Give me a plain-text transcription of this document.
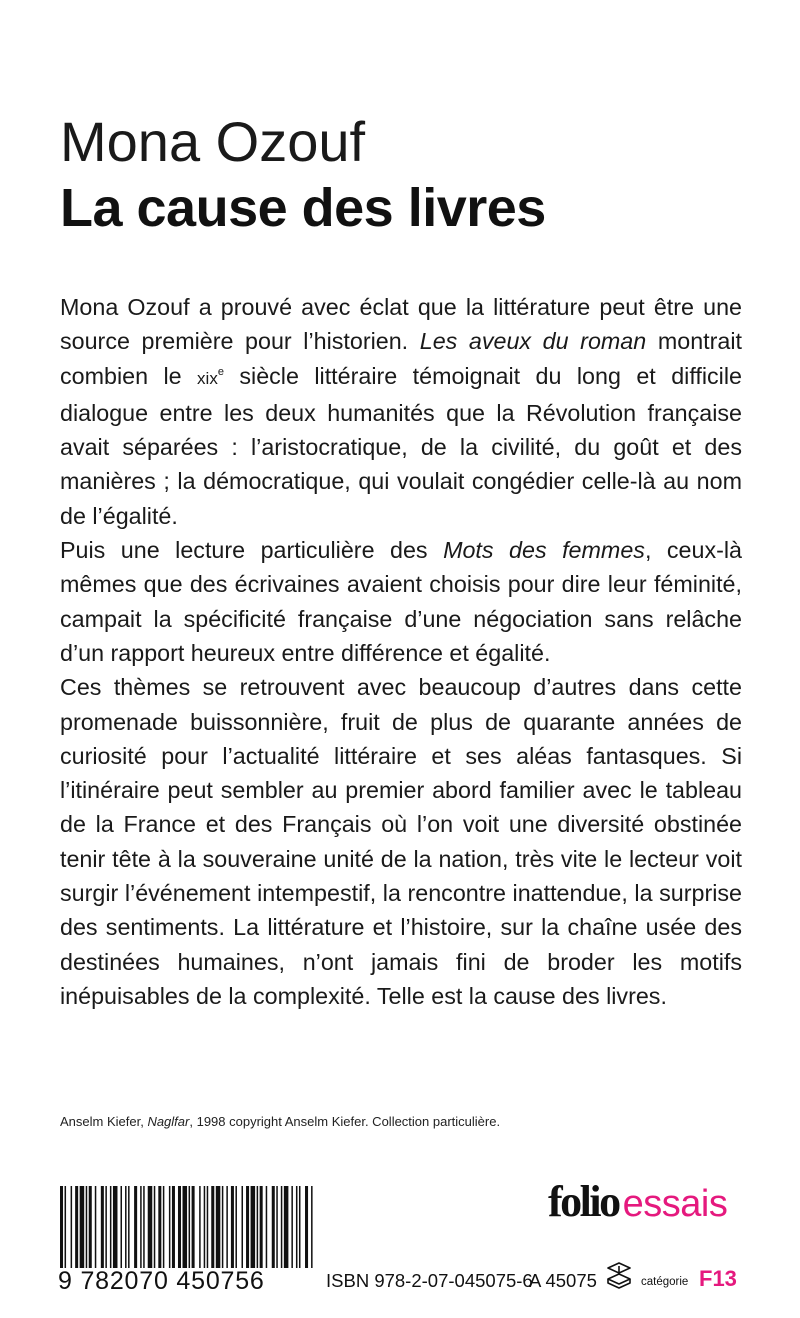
Mona Ozouf
La cause des livres

Mona Ozouf a prouvé avec éclat que la littérature peut être une source première pour l’historien. Les aveux du roman montrait combien le xix$^e$ siècle littéraire témoignait du long et difficile dialogue entre les deux humanités que la Révolution française avait séparées : l’aristocratique, de la civilité, du goût et des manières ; la démocratique, qui voulait congédier celle-là au nom de l’égalité.

Puis une lecture particulière des Mots des femmes, ceux-là mêmes que des écrivaines avaient choisis pour dire leur féminité, campait la spécificité française d’une négociation sans relâche d’un rapport heureux entre différence et égalité.

Ces thèmes se retrouvent avec beaucoup d’autres dans cette promenade buissonnière, fruit de plus de quarante années de curiosité pour l’actualité littéraire et ses aléas fantasques. Si l’itinéraire peut sembler au premier abord familier avec le tableau de la France et des Français où l’on voit une diversité obstinée tenir tête à la souveraine unité de la nation, très vite le lecteur voit surgir l’événement intempestif, la rencontre inattendue, la surprise des sentiments. La littérature et l’histoire, sur la chaîne usée des destinées humaines, n’ont jamais fini de broder les motifs inépuisables de la complexité. Telle est la cause des livres.

Anselm Kiefer, Naglfar, 1998 copyright Anselm Kiefer. Collection particulière.
9 782070 450756	ISBN 978-2-07-045075-6
A 45075	catégorie F13
folio essais
